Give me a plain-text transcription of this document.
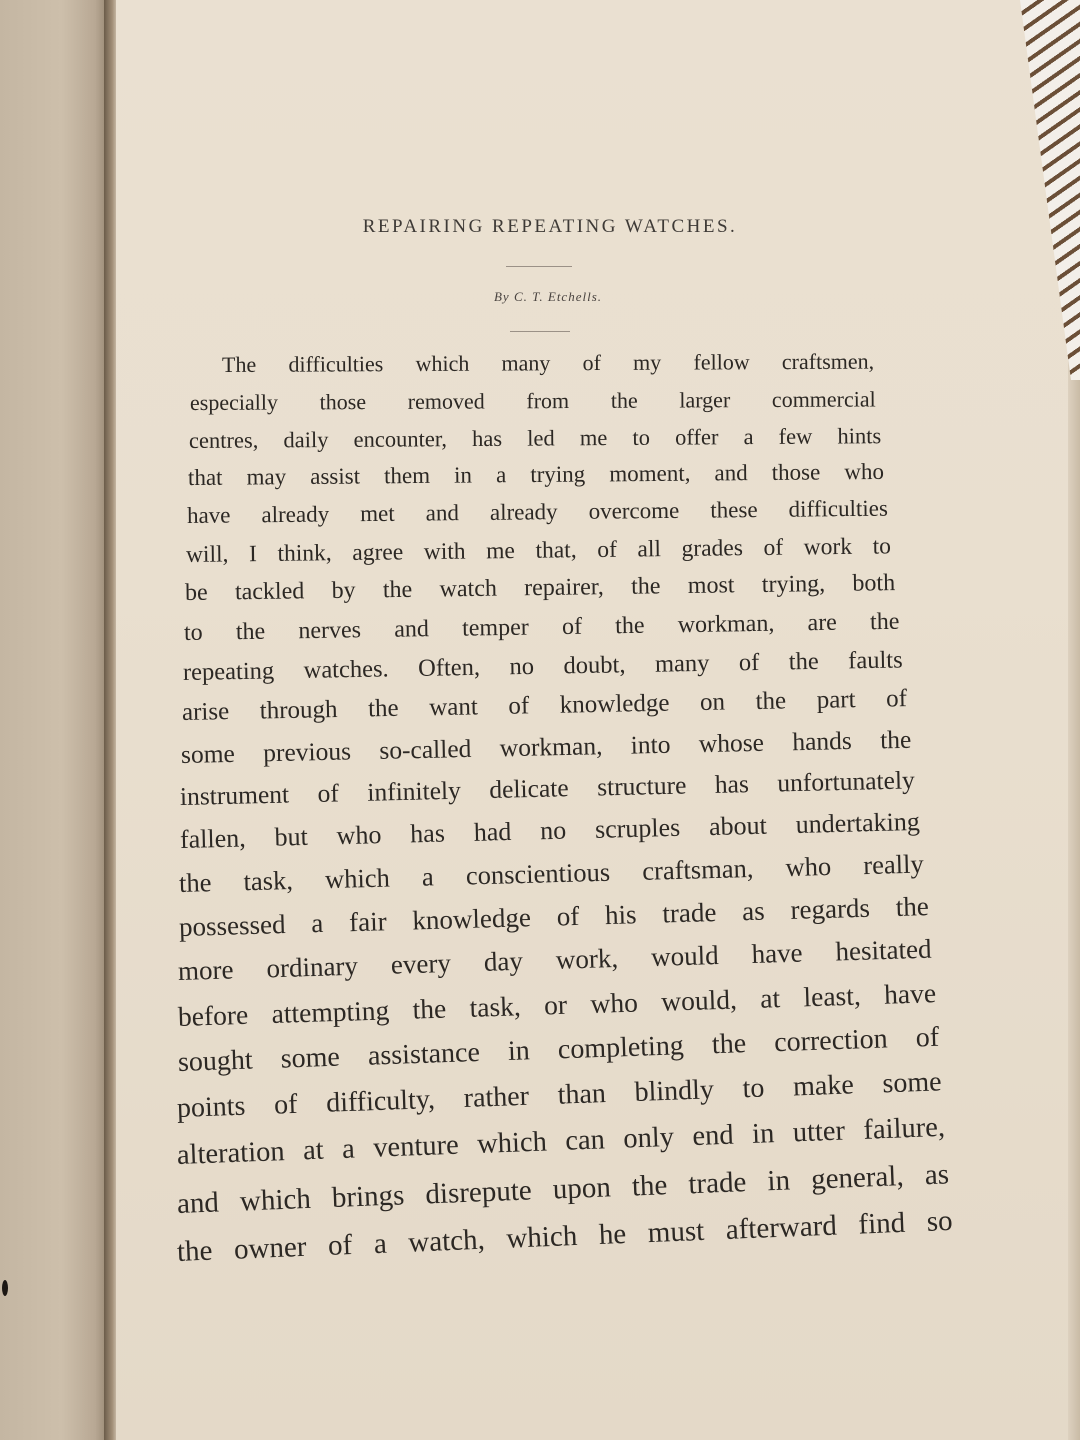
REPAIRING REPEATING WATCHES.
By C. T. Etchells.
The difficulties which many of my fellow craftsmen,
especially those removed from the larger commercial
centres, daily encounter, has led me to offer a few hints
that may assist them in a trying moment, and those who
have already met and already overcome these difficulties
will, I think, agree with me that, of all grades of work to
be tackled by the watch repairer, the most trying, both
to the nerves and temper of the workman, are the
repeating watches. Often, no doubt, many of the faults
arise through the want of knowledge on the part of
some previous so-called workman, into whose hands the
instrument of infinitely delicate structure has unfortunately
fallen, but who has had no scruples about undertaking
the task, which a conscientious craftsman, who really
possessed a fair knowledge of his trade as regards the
more ordinary every day work, would have hesitated
before attempting the task, or who would, at least, have
sought some assistance in completing the correction of
points of difficulty, rather than blindly to make some
alteration at a venture which can only end in utter failure,
and which brings disrepute upon the trade in general, as
the owner of a watch, which he must afterward find so
